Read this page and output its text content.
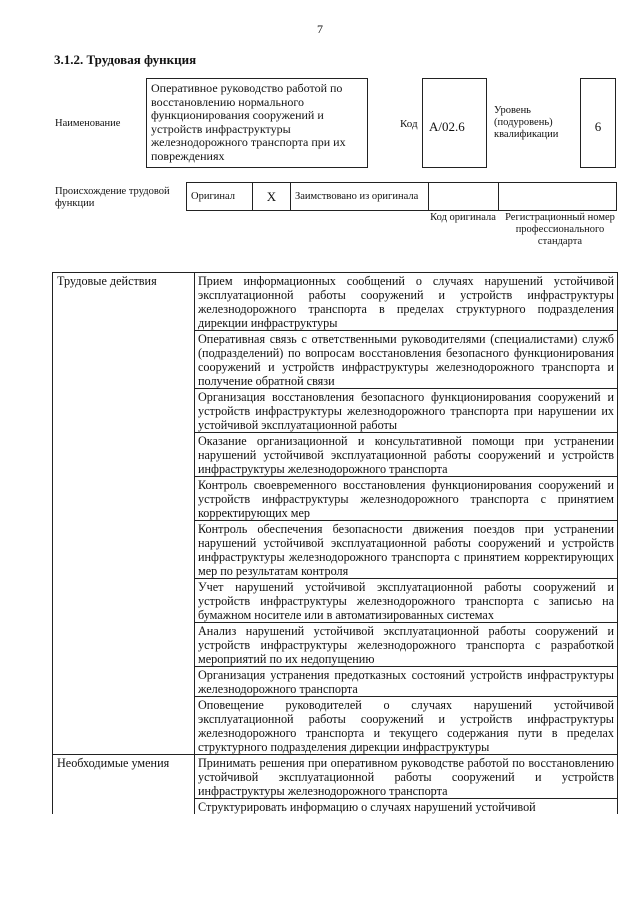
7
3.1.2. Трудовая функция
Наименование
Оперативное руководство работой по восстановлению нормального функционирования сооружений и устройств инфраструктуры железнодорожного транспорта при их повреждениях
Код A/02.6
Уровень (подуровень) квалификации
6
Происхождение трудовой функции
Оригинал	X	Заимствовано из оригинала		
Код оригинала Регистрационный номер профессионального стандарта
Трудовые действия	Прием информационных сообщений о случаях нарушений устойчивой эксплуатационной работы сооружений и устройств инфраструктуры железнодорожного транспорта в пределах структурного подразделения дирекции инфраструктуры
	Оперативная связь с ответственными руководителями (специалистами) служб (подразделений) по вопросам восстановления безопасного функционирования сооружений и устройств инфраструктуры железнодорожного транспорта и получение обратной связи
	Организация восстановления безопасного функционирования сооружений и устройств инфраструктуры железнодорожного транспорта при нарушении их устойчивой эксплуатационной работы
	Оказание организационной и консультативной помощи при устранении нарушений устойчивой эксплуатационной работы сооружений и устройств инфраструктуры железнодорожного транспорта
	Контроль своевременного восстановления функционирования сооружений и устройств инфраструктуры железнодорожного транспорта с принятием корректирующих мер
	Контроль обеспечения безопасности движения поездов при устранении нарушений устойчивой эксплуатационной работы сооружений и устройств инфраструктуры железнодорожного транспорта с принятием корректирующих мер по результатам контроля
	Учет нарушений устойчивой эксплуатационной работы сооружений и устройств инфраструктуры железнодорожного транспорта с записью на бумажном носителе или в автоматизированных системах
	Анализ нарушений устойчивой эксплуатационной работы сооружений и устройств инфраструктуры железнодорожного транспорта с разработкой мероприятий по их недопущению
	Организация устранения предотказных состояний устройств инфраструктуры железнодорожного транспорта
	Оповещение руководителей о случаях нарушений устойчивой эксплуатационной работы сооружений и устройств инфраструктуры железнодорожного транспорта и текущего содержания пути в пределах структурного подразделения дирекции инфраструктуры
Необходимые умения	Принимать решения при оперативном руководстве работой по восстановлению устойчивой эксплуатационной работы сооружений и устройств инфраструктуры железнодорожного транспорта
	Структурировать информацию о случаях нарушений устойчивой
